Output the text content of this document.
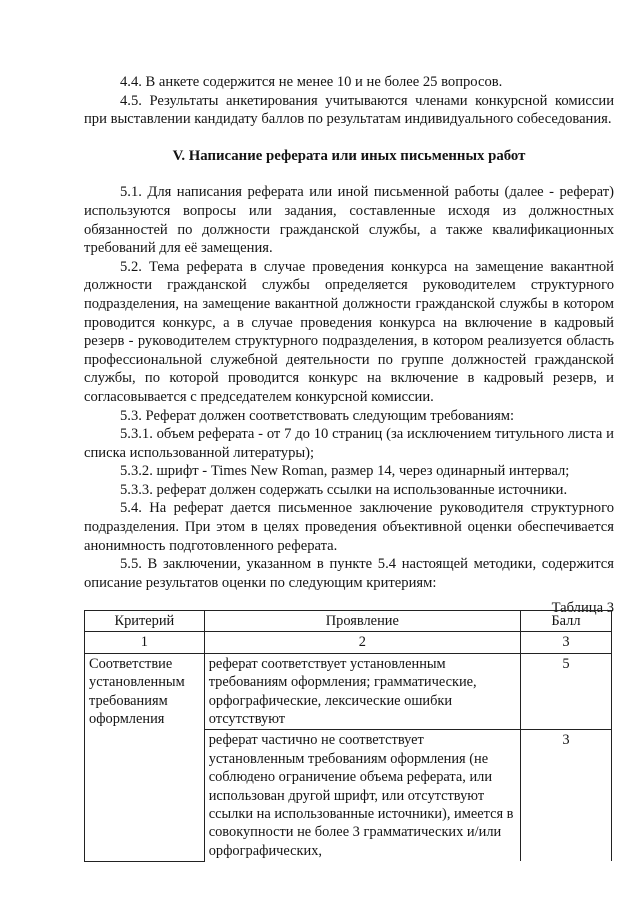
4.4. В анкете содержится не менее 10 и не более 25 вопросов.

4.5. Результаты анкетирования учитываются членами конкурсной комиссии при выставлении кандидату баллов по результатам индивидуального собеседования.

V. Написание реферата или иных письменных работ

5.1. Для написания реферата или иной письменной работы (далее - реферат) используются вопросы или задания, составленные исходя из должностных обязанностей по должности гражданской службы, а также квалификационных требований для её замещения.

5.2. Тема реферата в случае проведения конкурса на замещение вакантной должности гражданской службы определяется руководителем структурного подразделения, на замещение вакантной должности гражданской службы в котором проводится конкурс, а в случае проведения конкурса на включение в кадровый резерв - руководителем структурного подразделения, в котором реализуется область профессиональной служебной деятельности по группе должностей гражданской службы, по которой проводится конкурс на включение в кадровый резерв, и согласовывается с председателем конкурсной комиссии.

5.3. Реферат должен соответствовать следующим требованиям:

5.3.1. объем реферата - от 7 до 10 страниц (за исключением титульного листа и списка использованной литературы);

5.3.2. шрифт - Times New Roman, размер 14, через одинарный интервал;

5.3.3. реферат должен содержать ссылки на использованные источники.

5.4. На реферат дается письменное заключение руководителя структурного подразделения. При этом в целях проведения объективной оценки обеспечивается анонимность подготовленного реферата.

5.5. В заключении, указанном в пункте 5.4 настоящей методики, содержится описание результатов оценки по следующим критериям:

Таблица 3
Критерий	Проявление	Балл
1	2	3
Соответствие установленным требованиям оформления	реферат соответствует установленным требованиям оформления; грамматические, орфографические, лексические ошибки отсутствуют	5
	реферат частично не соответствует установленным требованиям оформления (не соблюдено ограничение объема реферата, или использован другой шрифт, или отсутствуют ссылки на использованные источники), имеется в совокупности не более 3 грамматических и/или орфографических,	3
